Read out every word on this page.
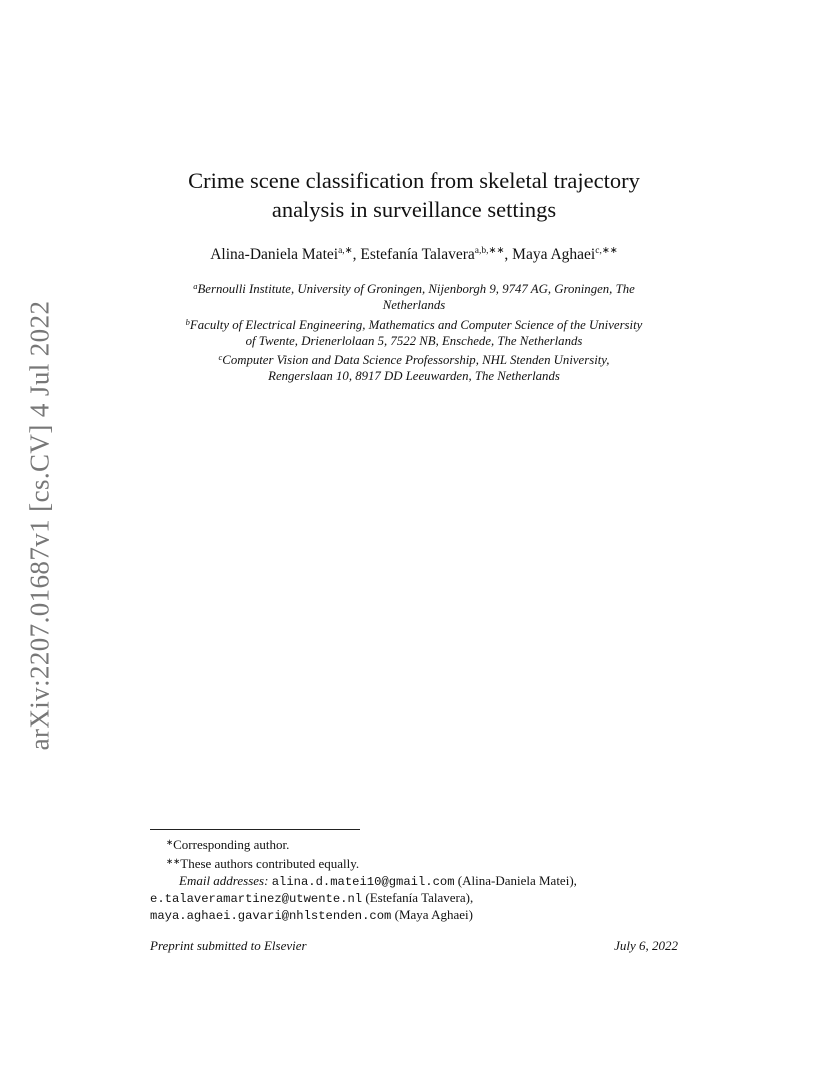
arXiv:2207.01687v1 [cs.CV] 4 Jul 2022
Crime scene classification from skeletal trajectory
analysis in surveillance settings
Alina-Daniela Matei$^{a,∗}$, Estefanía Talavera$^{a,b,∗∗}$, Maya Aghaei$^{c,∗∗}$
$^a$Bernoulli Institute, University of Groningen, Nijenborgh 9, 9747 AG, Groningen, The
Netherlands
$^b$Faculty of Electrical Engineering, Mathematics and Computer Science of the University
of Twente, Drienerlolaan 5, 7522 NB, Enschede, The Netherlands
$^c$Computer Vision and Data Science Professorship, NHL Stenden University,
Rengerslaan 10, 8917 DD Leeuwarden, The Netherlands
∗Corresponding author.
∗∗These authors contributed equally.
Email addresses: alina.d.matei10@gmail.com (Alina-Daniela Matei),
e.talaveramartinez@utwente.nl (Estefanía Talavera),
maya.aghaei.gavari@nhlstenden.com (Maya Aghaei)
Preprint submitted to Elsevier	July 6, 2022
